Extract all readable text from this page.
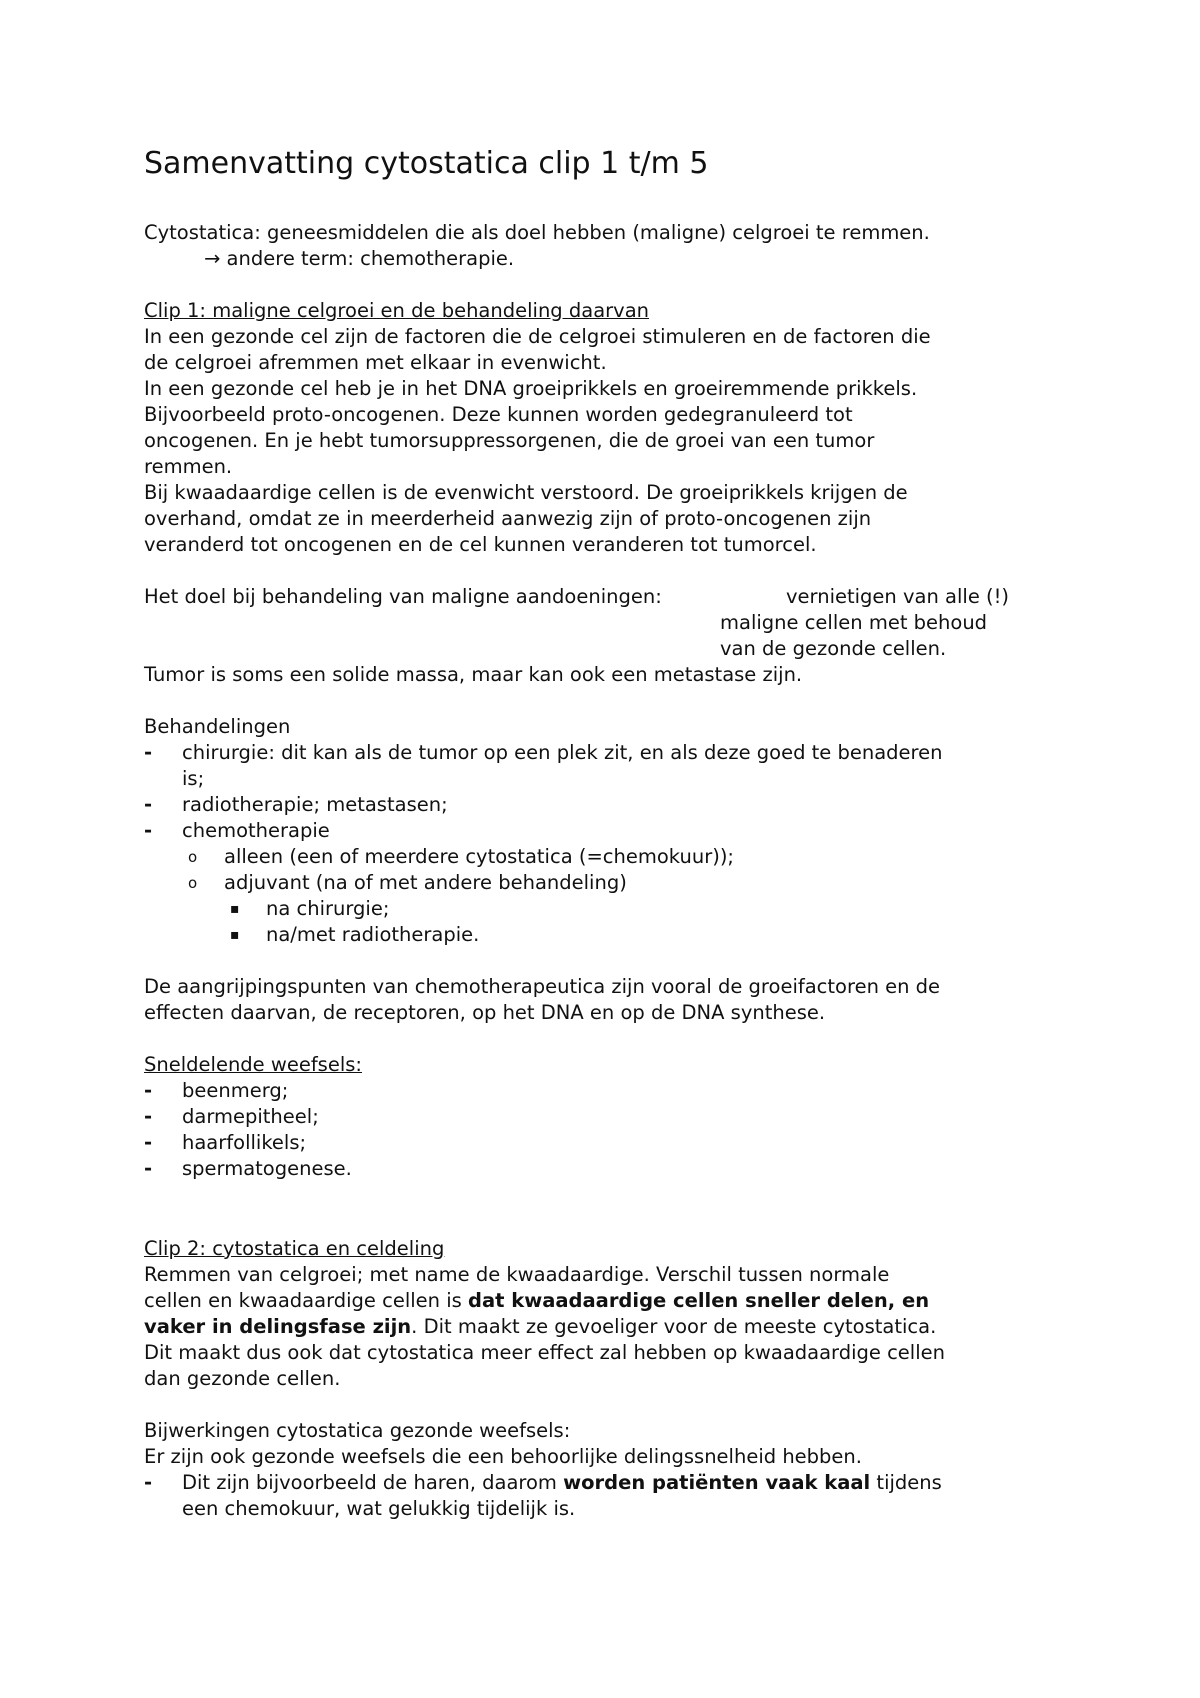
Samenvatting cytostatica clip 1 t/m 5
Cytostatica: geneesmiddelen die als doel hebben (maligne) celgroei te remmen.
→ andere term: chemotherapie.
Clip 1: maligne celgroei en de behandeling daarvan
In een gezonde cel zijn de factoren die de celgroei stimuleren en de factoren die
de celgroei afremmen met elkaar in evenwicht.
In een gezonde cel heb je in het DNA groeiprikkels en groeiremmende prikkels.
Bijvoorbeeld proto-oncogenen. Deze kunnen worden gedegranuleerd tot
oncogenen. En je hebt tumorsuppressorgenen, die de groei van een tumor
remmen.
Bij kwaadaardige cellen is de evenwicht verstoord. De groeiprikkels krijgen de
overhand, omdat ze in meerderheid aanwezig zijn of proto-oncogenen zijn
veranderd tot oncogenen en de cel kunnen veranderen tot tumorcel.
Het doel bij behandeling van maligne aandoeningen:	vernietigen van alle (!)
maligne cellen met behoud
van de gezonde cellen.
Tumor is soms een solide massa, maar kan ook een metastase zijn.
Behandelingen
- chirurgie: dit kan als de tumor op een plek zit, en als deze goed te benaderen
is;
- radiotherapie; metastasen;
- chemotherapie
o alleen (een of meerdere cytostatica (=chemokuur));
o adjuvant (na of met andere behandeling)
▪ na chirurgie;
▪ na/met radiotherapie.
De aangrijpingspunten van chemotherapeutica zijn vooral de groeifactoren en de
effecten daarvan, de receptoren, op het DNA en op de DNA synthese.
Sneldelende weefsels:
- beenmerg;
- darmepitheel;
- haarfollikels;
- spermatogenese.
Clip 2: cytostatica en celdeling
Remmen van celgroei; met name de kwaadaardige. Verschil tussen normale
cellen en kwaadaardige cellen is dat kwaadaardige cellen sneller delen, en
vaker in delingsfase zijn. Dit maakt ze gevoeliger voor de meeste cytostatica.
Dit maakt dus ook dat cytostatica meer effect zal hebben op kwaadaardige cellen
dan gezonde cellen.
Bijwerkingen cytostatica gezonde weefsels:
Er zijn ook gezonde weefsels die een behoorlijke delingssnelheid hebben.
- Dit zijn bijvoorbeeld de haren, daarom worden patiënten vaak kaal tijdens
een chemokuur, wat gelukkig tijdelijk is.
